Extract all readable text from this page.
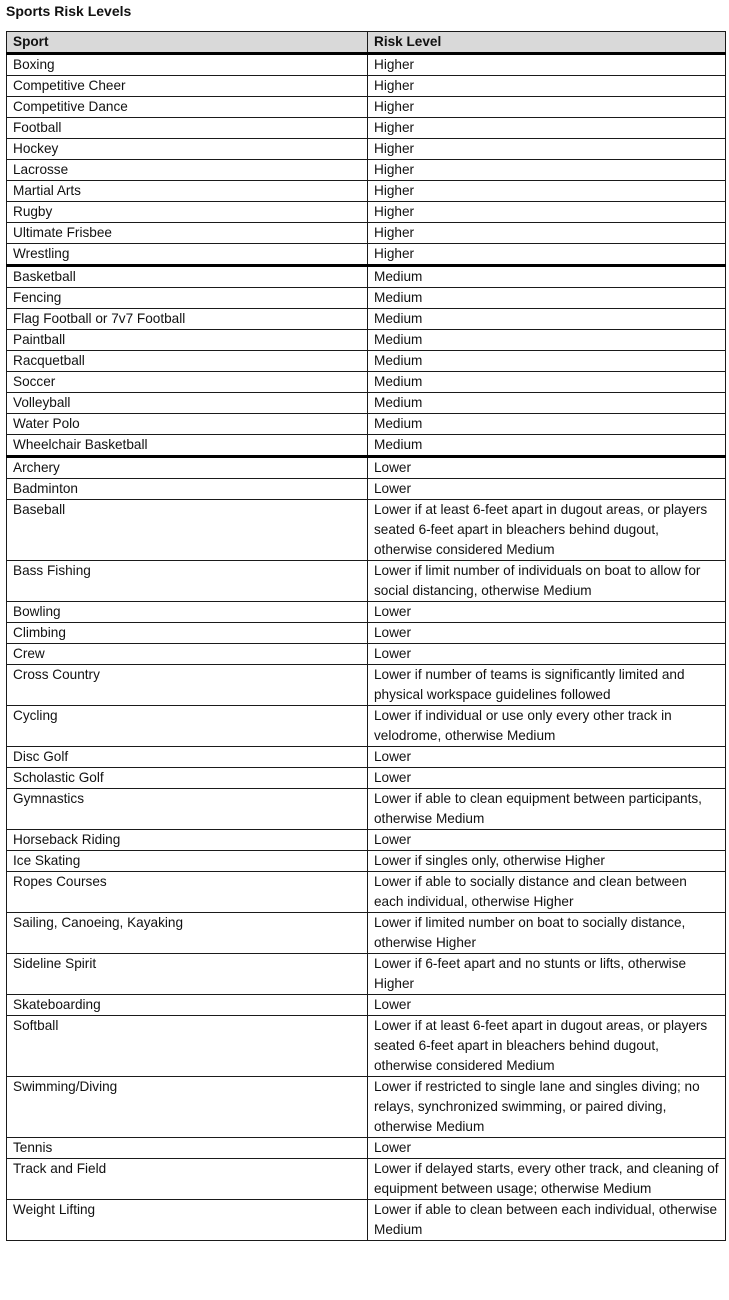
Sports Risk Levels
Sport	Risk Level
Boxing	Higher
Competitive Cheer	Higher
Competitive Dance	Higher
Football	Higher
Hockey	Higher
Lacrosse	Higher
Martial Arts	Higher
Rugby	Higher
Ultimate Frisbee	Higher
Wrestling	Higher
Basketball	Medium
Fencing	Medium
Flag Football or 7v7 Football	Medium
Paintball	Medium
Racquetball	Medium
Soccer	Medium
Volleyball	Medium
Water Polo	Medium
Wheelchair Basketball	Medium
Archery	Lower
Badminton	Lower
Baseball	Lower if at least 6-feet apart in dugout areas, or players seated 6-feet apart in bleachers behind dugout, otherwise considered Medium
Bass Fishing	Lower if limit number of individuals on boat to allow for social distancing, otherwise Medium
Bowling	Lower
Climbing	Lower
Crew	Lower
Cross Country	Lower if number of teams is significantly limited and physical workspace guidelines followed
Cycling	Lower if individual or use only every other track in velodrome, otherwise Medium
Disc Golf	Lower
Scholastic Golf	Lower
Gymnastics	Lower if able to clean equipment between participants, otherwise Medium
Horseback Riding	Lower
Ice Skating	Lower if singles only, otherwise Higher
Ropes Courses	Lower if able to socially distance and clean between each individual, otherwise Higher
Sailing, Canoeing, Kayaking	Lower if limited number on boat to socially distance, otherwise Higher
Sideline Spirit	Lower if 6-feet apart and no stunts or lifts, otherwise Higher
Skateboarding	Lower
Softball	Lower if at least 6-feet apart in dugout areas, or players seated 6-feet apart in bleachers behind dugout, otherwise considered Medium
Swimming/Diving	Lower if restricted to single lane and singles diving; no relays, synchronized swimming, or paired diving, otherwise Medium
Tennis	Lower
Track and Field	Lower if delayed starts, every other track, and cleaning of equipment between usage; otherwise Medium
Weight Lifting	Lower if able to clean between each individual, otherwise Medium
